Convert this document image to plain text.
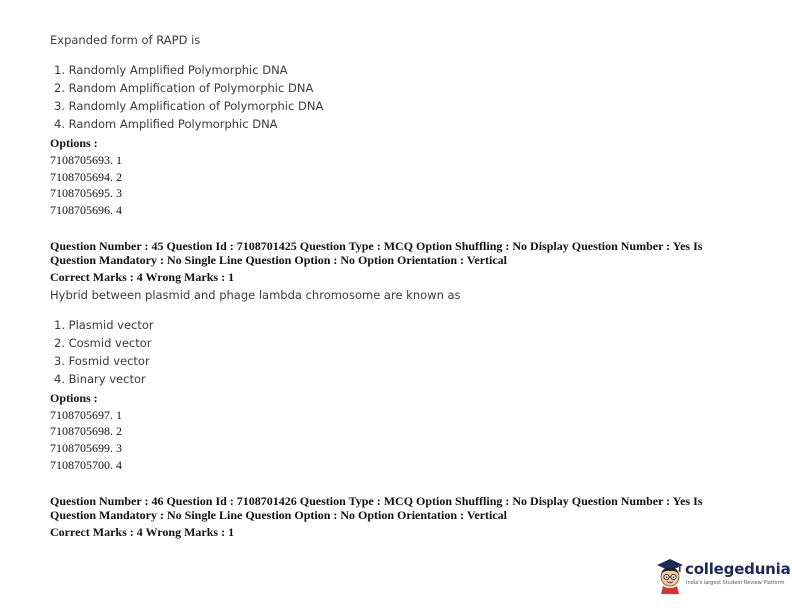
Expanded form of RAPD is
1. Randomly Amplified Polymorphic DNA
2. Random Amplification of Polymorphic DNA
3. Randomly Amplification of Polymorphic DNA
4. Random Amplified Polymorphic DNA
Options :
7108705693. 1
7108705694. 2
7108705695. 3
7108705696. 4
Question Number : 45 Question Id : 7108701425 Question Type : MCQ Option Shuffling : No Display Question Number : Yes Is
Question Mandatory : No Single Line Question Option : No Option Orientation : Vertical
Correct Marks : 4 Wrong Marks : 1
Hybrid between plasmid and phage lambda chromosome are known as
1. Plasmid vector
2. Cosmid vector
3. Fosmid vector
4. Binary vector
Options :
7108705697. 1
7108705698. 2
7108705699. 3
7108705700. 4
Question Number : 46 Question Id : 7108701426 Question Type : MCQ Option Shuffling : No Display Question Number : Yes Is
Question Mandatory : No Single Line Question Option : No Option Orientation : Vertical
Correct Marks : 4 Wrong Marks : 1
collegedunia
India's largest Student Review Platform
